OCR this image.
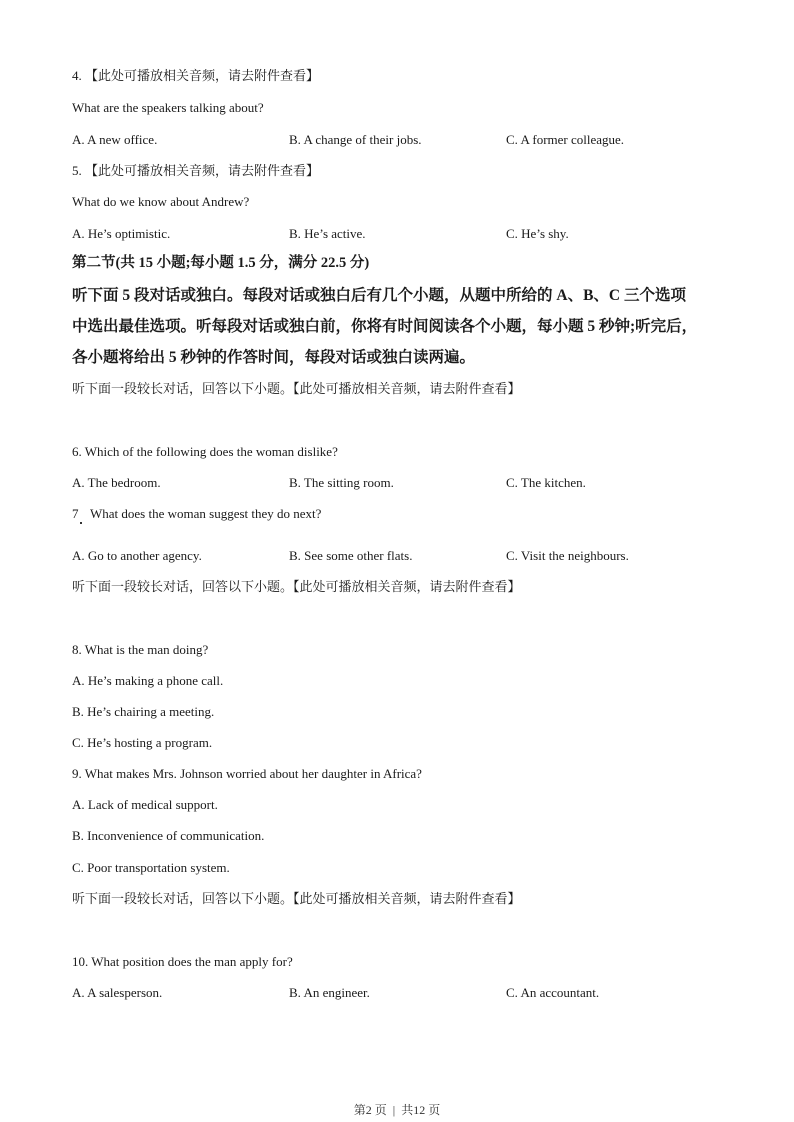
4. 【此处可播放相关音频，请去附件查看】
What are the speakers talking about?
A. A new office.	B. A change of their jobs.	C. A former colleague.
5. 【此处可播放相关音频，请去附件查看】
What do we know about Andrew?
A. He’s optimistic.	B. He’s active.	C. He’s shy.
第二节(共 15 小题;每小题 1.5 分，满分 22.5 分)
听下面 5 段对话或独白。每段对话或独白后有几个小题，从题中所给的 A、B、C 三个选项
中选出最佳选项。听每段对话或独白前，你将有时间阅读各个小题，每小题 5 秒钟;听完后，
各小题将给出 5 秒钟的作答时间，每段对话或独白读两遍。
听下面一段较长对话，回答以下小题。【此处可播放相关音频，请去附件查看】
6. Which of the following does the woman dislike?
A. The bedroom.	B. The sitting room.	C. The kitchen.
7 What does the woman suggest they do next?
A. Go to another agency.	B. See some other flats.	C. Visit the neighbours.
听下面一段较长对话，回答以下小题。【此处可播放相关音频，请去附件查看】
8. What is the man doing?
A. He’s making a phone call.
B. He’s chairing a meeting.
C. He’s hosting a program.
9. What makes Mrs. Johnson worried about her daughter in Africa?
A. Lack of medical support.
B. Inconvenience of communication.
C. Poor transportation system.
听下面一段较长对话，回答以下小题。【此处可播放相关音频，请去附件查看】
10. What position does the man apply for?
A. A salesperson.	B. An engineer.	C. An accountant.
第2 页 | 共12 页
